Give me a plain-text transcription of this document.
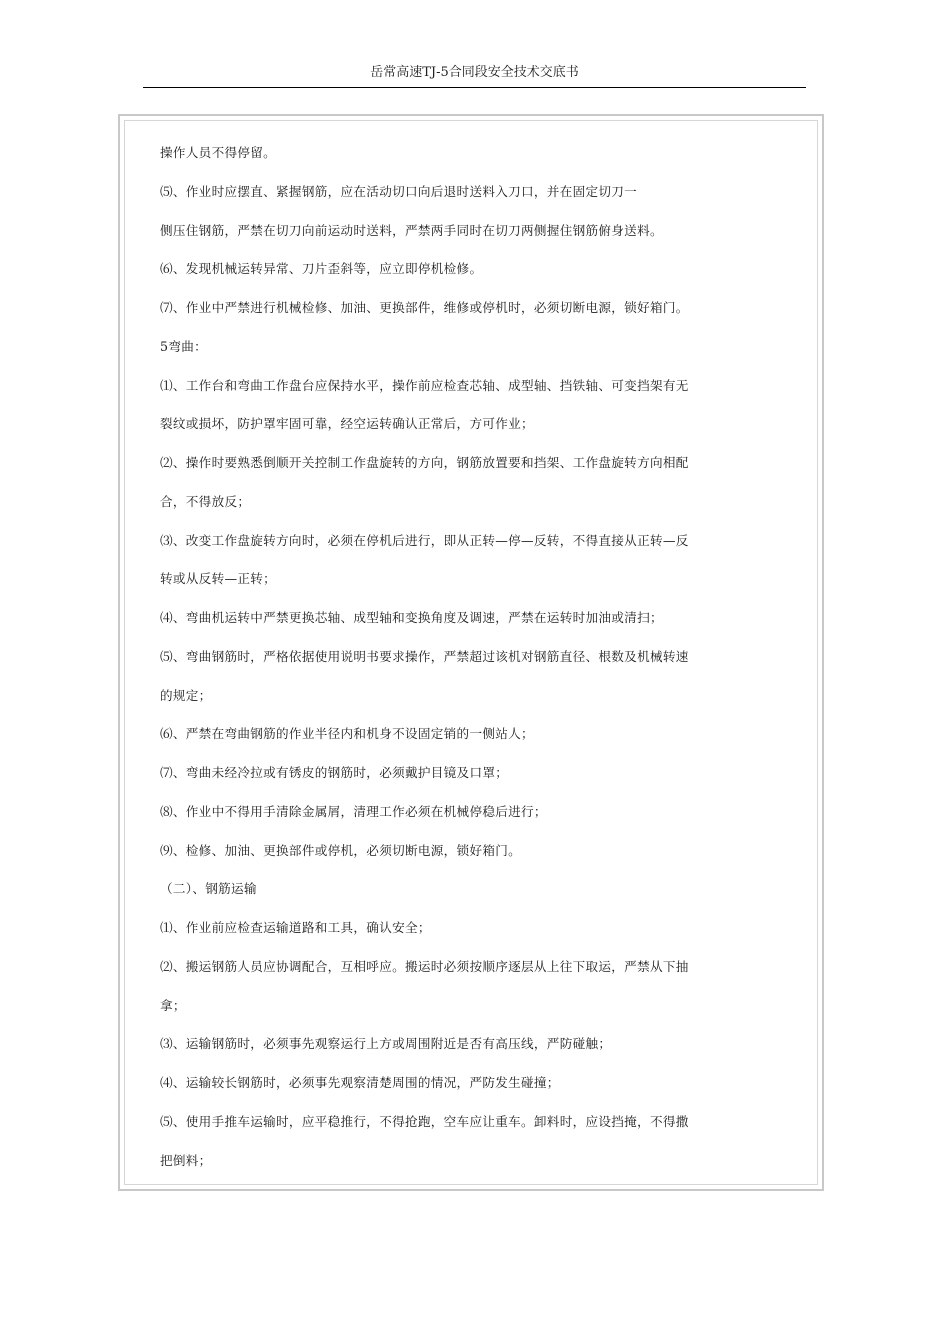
岳常高速TJ-5合同段安全技术交底书
操作人员不得停留。
⑸、作业时应摆直、紧握钢筋，应在活动切口向后退时送料入刀口，并在固定切刀一
侧压住钢筋，严禁在切刀向前运动时送料，严禁两手同时在切刀两侧握住钢筋俯身送料。
⑹、发现机械运转异常、刀片歪斜等，应立即停机检修。
⑺、作业中严禁进行机械检修、加油、更换部件，维修或停机时，必须切断电源，锁好箱门。
5弯曲：
⑴、工作台和弯曲工作盘台应保持水平，操作前应检查芯轴、成型轴、挡铁轴、可变挡架有无
裂纹或损坏，防护罩牢固可靠，经空运转确认正常后，方可作业；
⑵、操作时要熟悉倒顺开关控制工作盘旋转的方向，钢筋放置要和挡架、工作盘旋转方向相配
合，不得放反；
⑶、改变工作盘旋转方向时，必须在停机后进行，即从正转—停—反转，不得直接从正转—反
转或从反转—正转；
⑷、弯曲机运转中严禁更换芯轴、成型轴和变换角度及调速，严禁在运转时加油或清扫；
⑸、弯曲钢筋时，严格依据使用说明书要求操作，严禁超过该机对钢筋直径、根数及机械转速
的规定；
⑹、严禁在弯曲钢筋的作业半径内和机身不设固定销的一侧站人；
⑺、弯曲未经冷拉或有锈皮的钢筋时，必须戴护目镜及口罩；
⑻、作业中不得用手清除金属屑，清理工作必须在机械停稳后进行；
⑼、检修、加油、更换部件或停机，必须切断电源，锁好箱门。
（二）、钢筋运输
⑴、作业前应检查运输道路和工具，确认安全；
⑵、搬运钢筋人员应协调配合，互相呼应。搬运时必须按顺序逐层从上往下取运，严禁从下抽
拿；
⑶、运输钢筋时，必须事先观察运行上方或周围附近是否有高压线，严防碰触；
⑷、运输较长钢筋时，必须事先观察清楚周围的情况，严防发生碰撞；
⑸、使用手推车运输时，应平稳推行，不得抢跑，空车应让重车。卸料时，应设挡掩，不得撒
把倒料；
